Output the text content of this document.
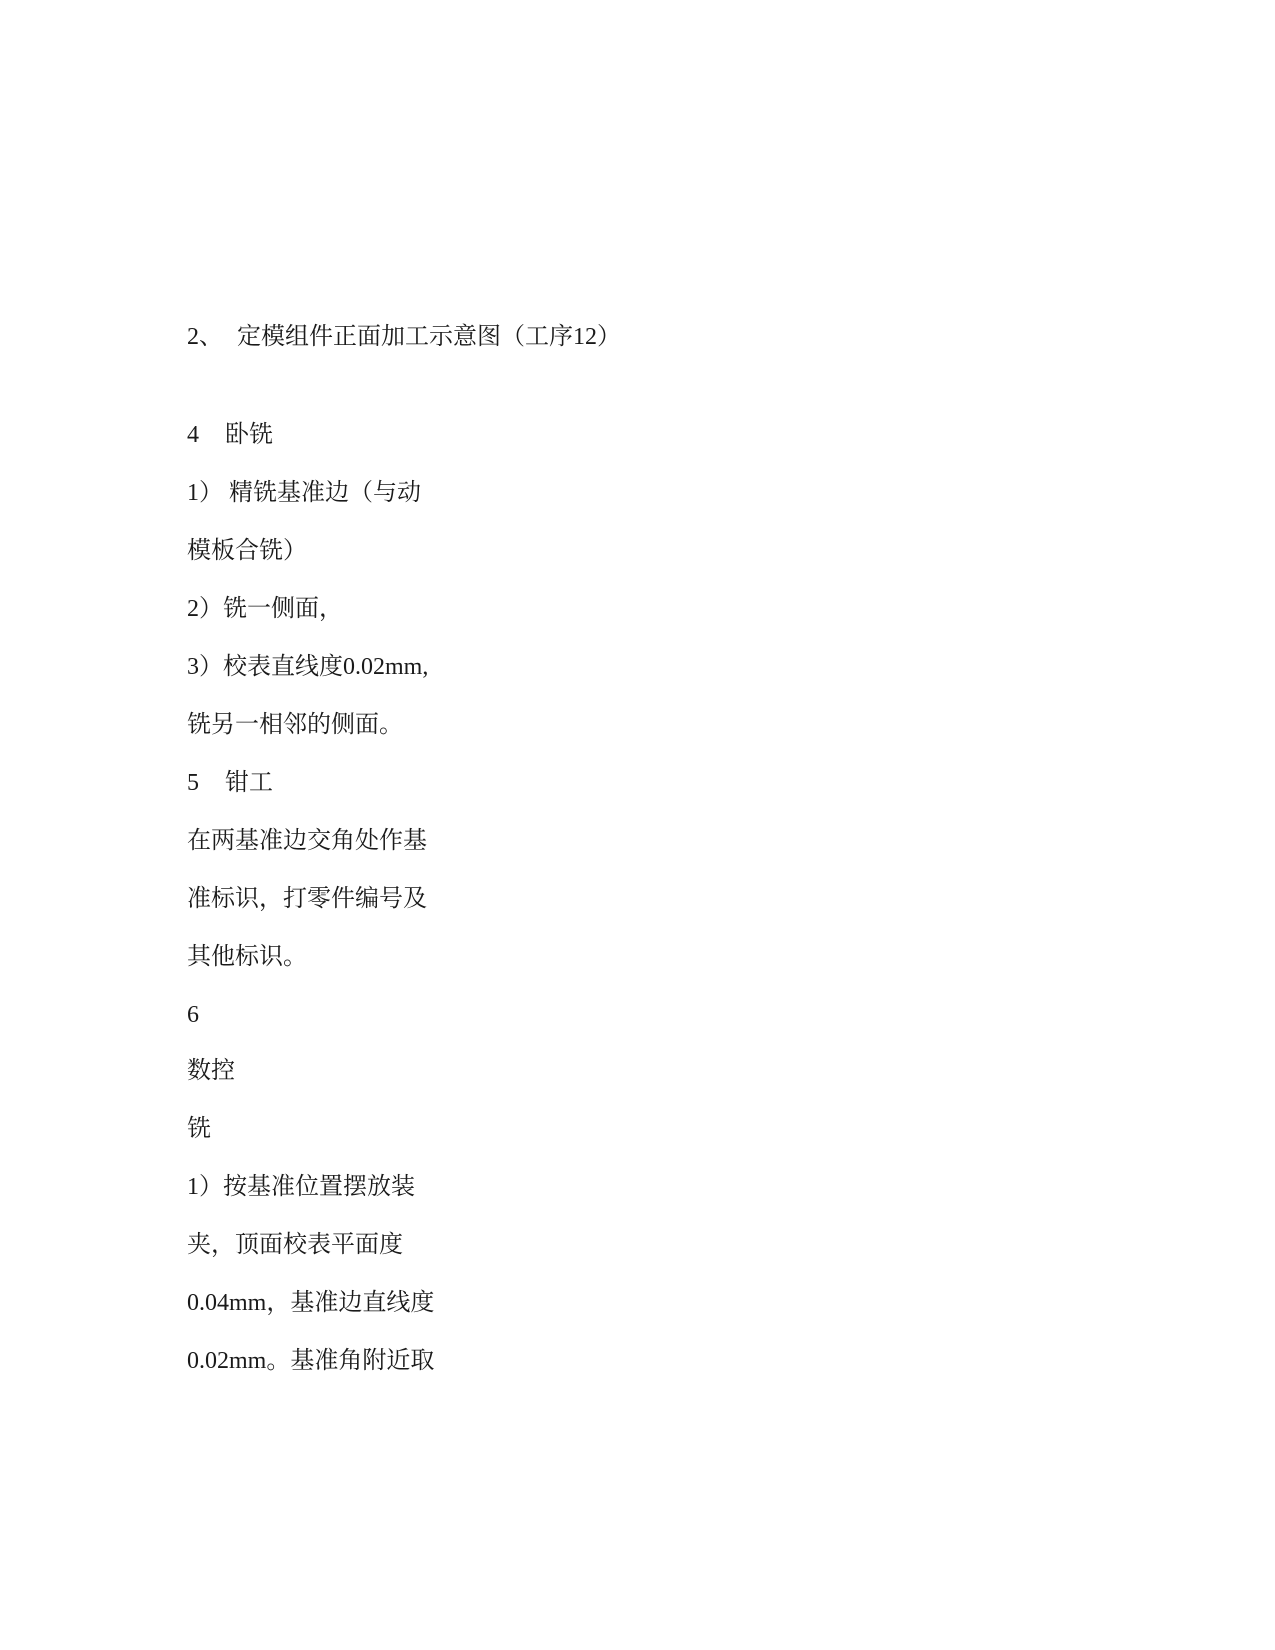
2、 定模组件正面加工示意图（工序12）
4 卧铣
1） 精铣基准边（与动
模板合铣）
2）铣一侧面，
3）校表直线度0.02mm,
铣另一相邻的侧面。
5 钳工
在两基准边交角处作基
准标识，打零件编号及
其他标识。
6
数控
铣
1）按基准位置摆放装
夹，顶面校表平面度
0.04mm，基准边直线度
0.02mm。基准角附近取
